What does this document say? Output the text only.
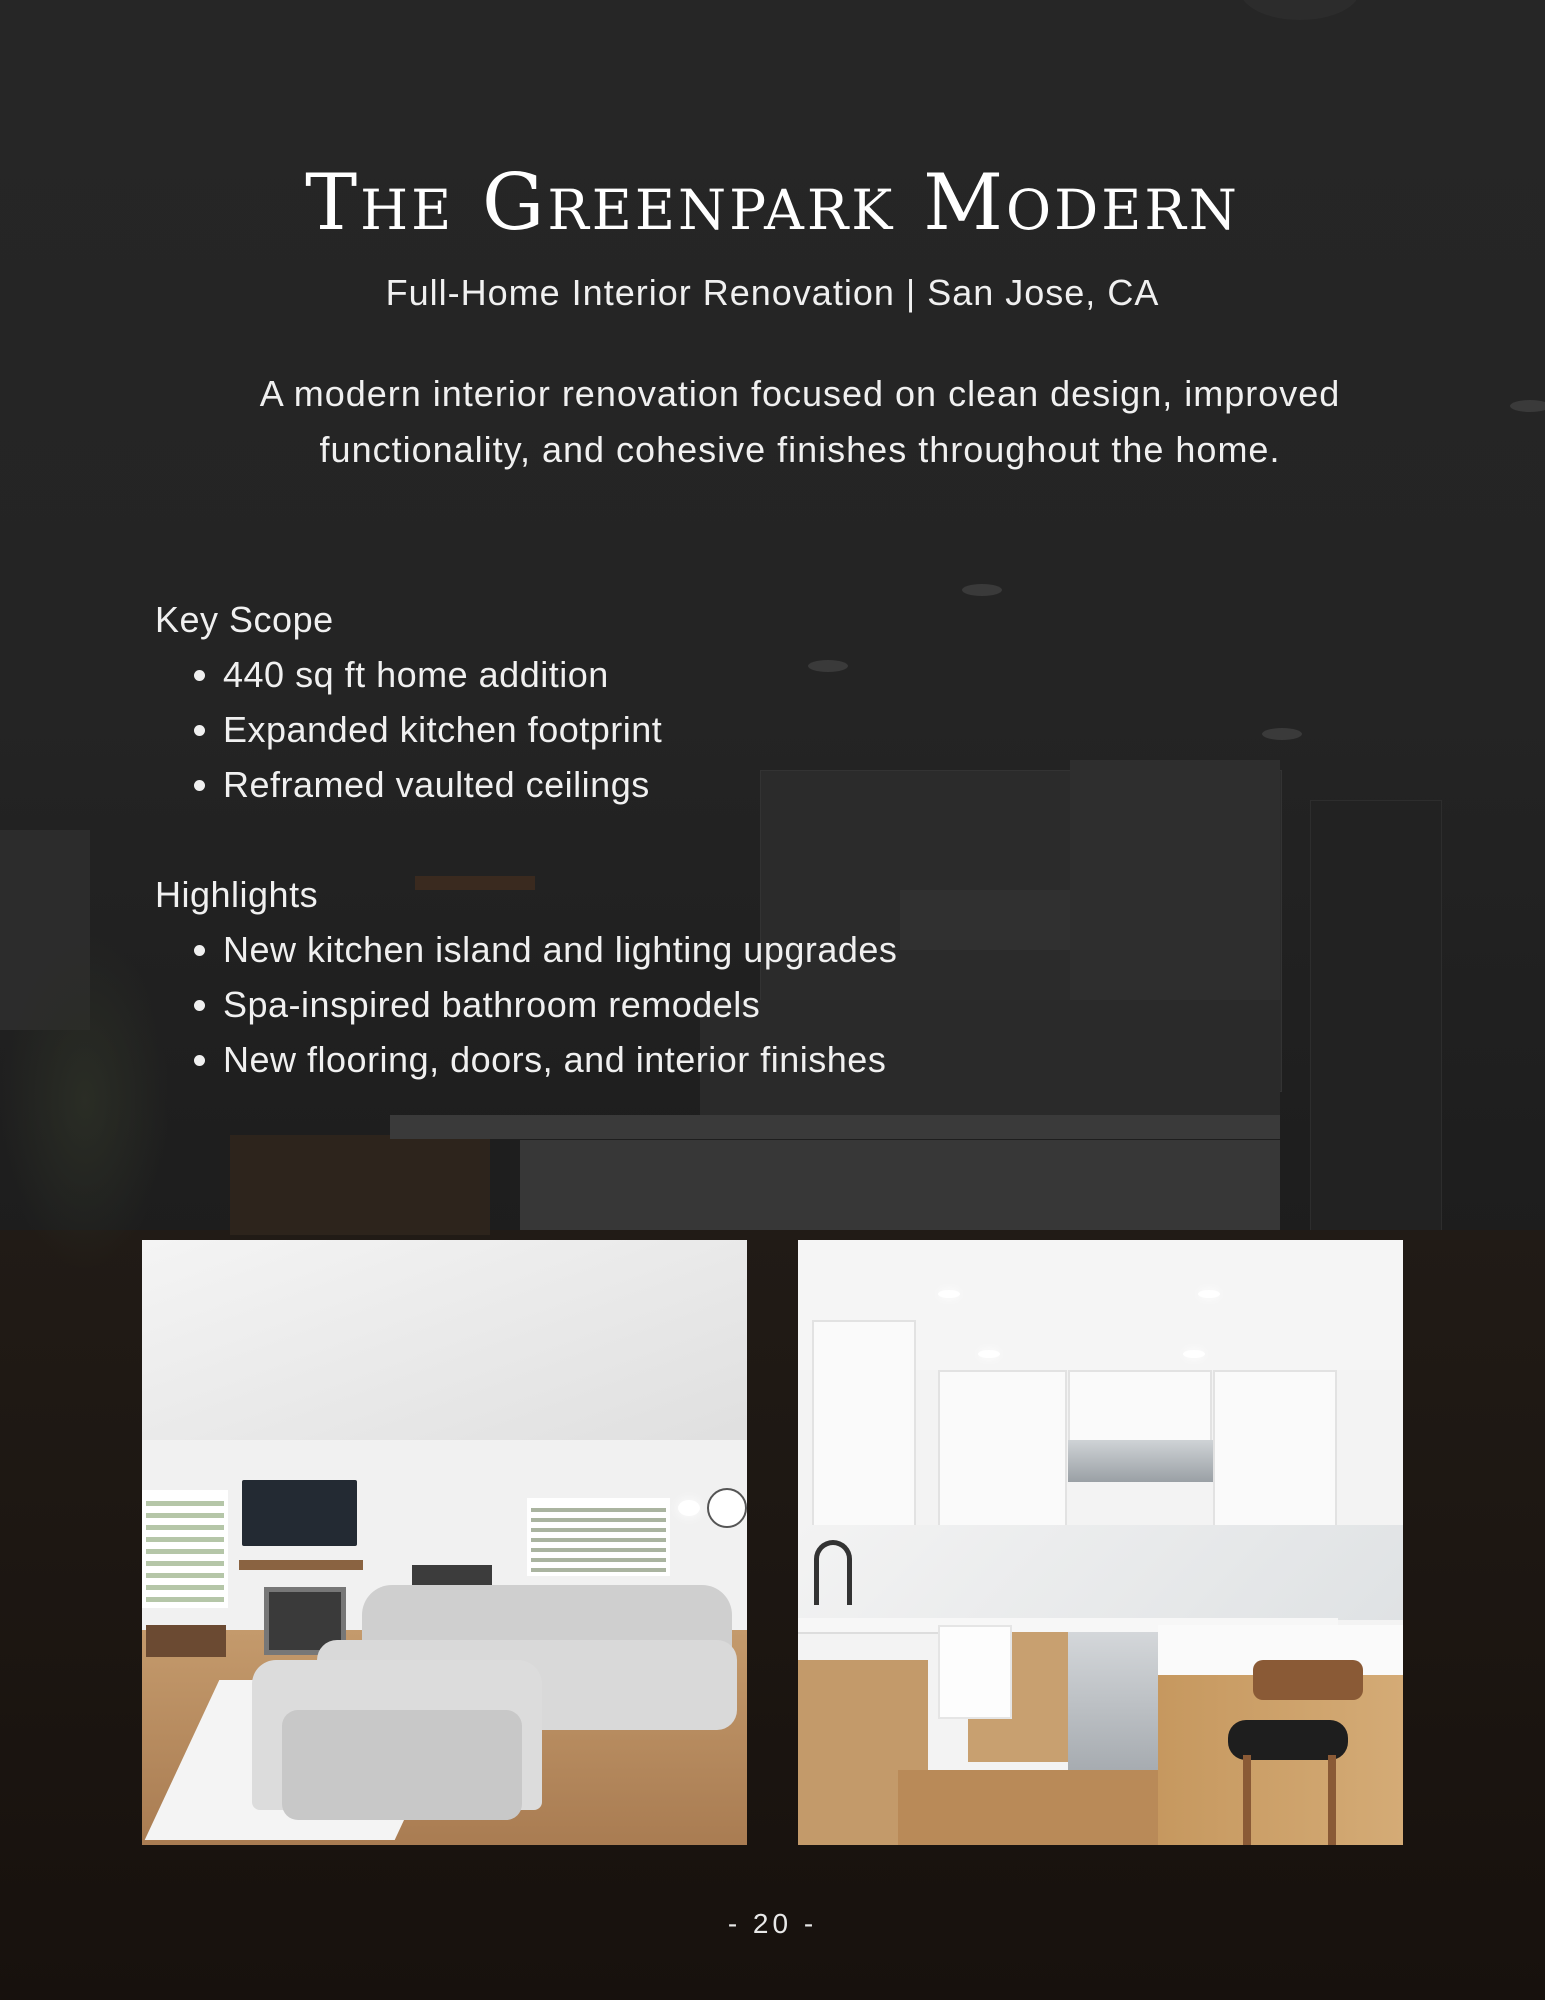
The Greenpark Modern
Full-Home Interior Renovation | San Jose, CA
A modern interior renovation focused on clean design, improved
functionality, and cohesive finishes throughout the home.
Key Scope
• 440 sq ft home addition
• Expanded kitchen footprint
• Reframed vaulted ceilings
Highlights
• New kitchen island and lighting upgrades
• Spa-inspired bathroom remodels
• New flooring, doors, and interior finishes
- 20 -
